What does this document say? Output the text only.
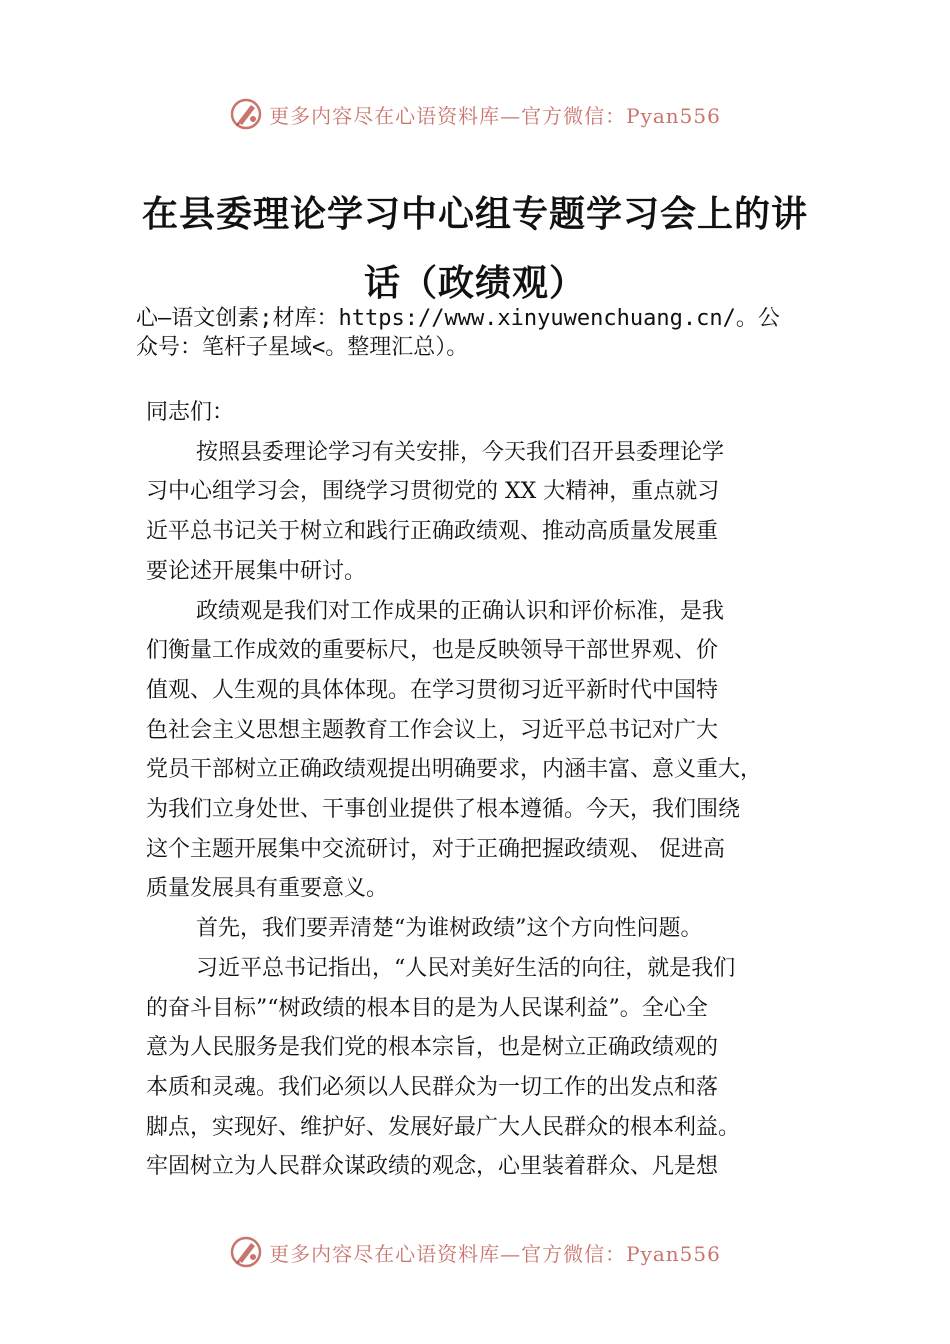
更多内容尽在心语资料库—官方微信：Pyan556
在县委理论学习中心组专题学习会上的讲
话（政绩观）
心—语文创素;材库：https://www.xinyuwenchuang.cn/。公
众号：笔杆子星域<。整理汇总）。
同志们：
按照县委理论学习有关安排，今天我们召开县委理论学
习中心组学习会，围绕学习贯彻党的 XX 大精神，重点就习
近平总书记关于树立和践行正确政绩观、推动高质量发展重
要论述开展集中研讨。
政绩观是我们对工作成果的正确认识和评价标准，是我
们衡量工作成效的重要标尺，也是反映领导干部世界观、价
值观、人生观的具体体现。在学习贯彻习近平新时代中国特
色社会主义思想主题教育工作会议上，习近平总书记对广大
党员干部树立正确政绩观提出明确要求，内涵丰富、意义重大，
为我们立身处世、干事创业提供了根本遵循。今天，我们围绕
这个主题开展集中交流研讨，对于正确把握政绩观、 促进高
质量发展具有重要意义。
首先，我们要弄清楚“为谁树政绩”这个方向性问题。
习近平总书记指出，“人民对美好生活的向往，就是我们
的奋斗目标”“树政绩的根本目的是为人民谋利益”。全心全
意为人民服务是我们党的根本宗旨，也是树立正确政绩观的
本质和灵魂。我们必须以人民群众为一切工作的出发点和落
脚点，实现好、维护好、发展好最广大人民群众的根本利益。
牢固树立为人民群众谋政绩的观念，心里装着群众、凡是想
更多内容尽在心语资料库—官方微信：Pyan556
